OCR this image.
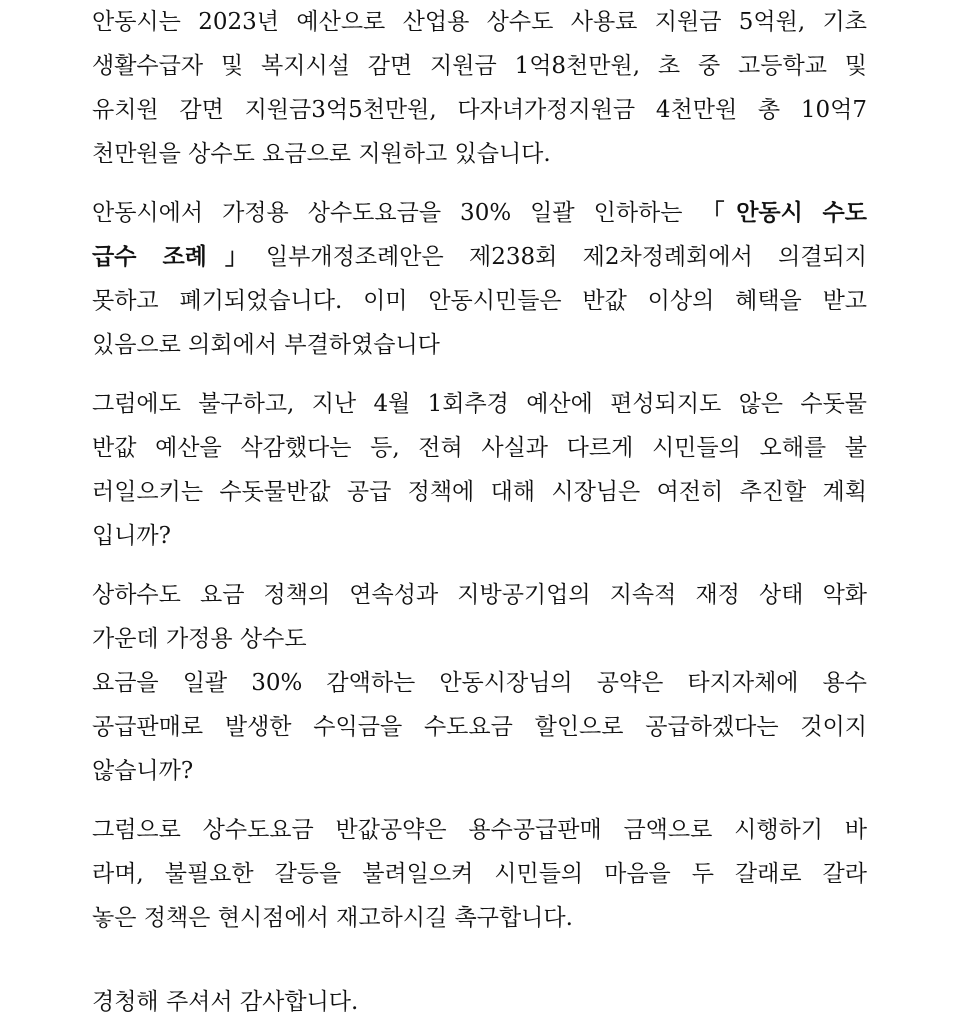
안동시는 2023년 예산으로 산업용 상수도 사용료 지원금 5억원, 기초
생활수급자 및 복지시설 감면 지원금 1억8천만원, 초 중 고등학교 및
유치원 감면 지원금3억5천만원, 다자녀가정지원금 4천만원 총 10억7
천만원을 상수도 요금으로 지원하고 있습니다.
안동시에서 가정용 상수도요금을 30% 일괄 인하하는 「안동시 수도
급수 조례」일부개정조례안은 제238회 제2차정례회에서 의결되지
못하고 폐기되었습니다. 이미 안동시민들은 반값 이상의 혜택을 받고
있음으로 의회에서 부결하였습니다
그럼에도 불구하고, 지난 4월 1회추경 예산에 편성되지도 않은 수돗물
반값 예산을 삭감했다는 등, 전혀 사실과 다르게 시민들의 오해를 불
러일으키는 수돗물반값 공급 정책에 대해 시장님은 여전히 추진할 계획
입니까?
상하수도 요금 정책의 연속성과 지방공기업의 지속적 재정 상태 악화
가운데 가정용 상수도
요금을 일괄 30% 감액하는 안동시장님의 공약은 타지자체에 용수
공급판매로 발생한 수익금을 수도요금 할인으로 공급하겠다는 것이지
않습니까?
그럼으로 상수도요금 반값공약은 용수공급판매 금액으로 시행하기 바
라며, 불필요한 갈등을 불려일으켜 시민들의 마음을 두 갈래로 갈라
놓은 정책은 현시점에서 재고하시길 촉구합니다.
경청해 주셔서 감사합니다.
